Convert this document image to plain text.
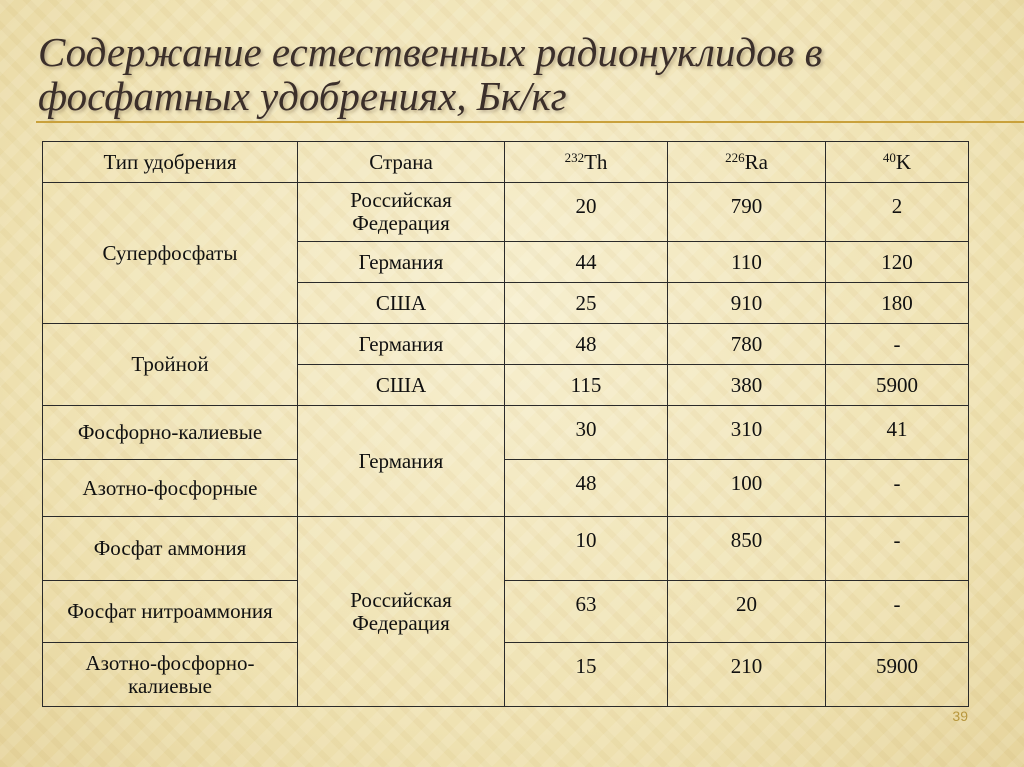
Содержание естественных радионуклидов в фосфатных удобрениях, Бк/кг
Тип удобрения	Страна	$^{232}$Th	$^{226}$Ra	$^{40}$K
Суперфосфаты	Российская Федерация	20	790	2
	Германия	44	110	120
	США	25	910	180
Тройной	Германия	48	780	-
	США	115	380	5900
Фосфорно-калиевые	Германия	30	310	41
Азотно-фосфорные		48	100	-
Фосфат аммония	Российская Федерация	10	850	-
Фосфат нитроаммония		63	20	-
Азотно-фосфорно-калиевые		15	210	5900
39
